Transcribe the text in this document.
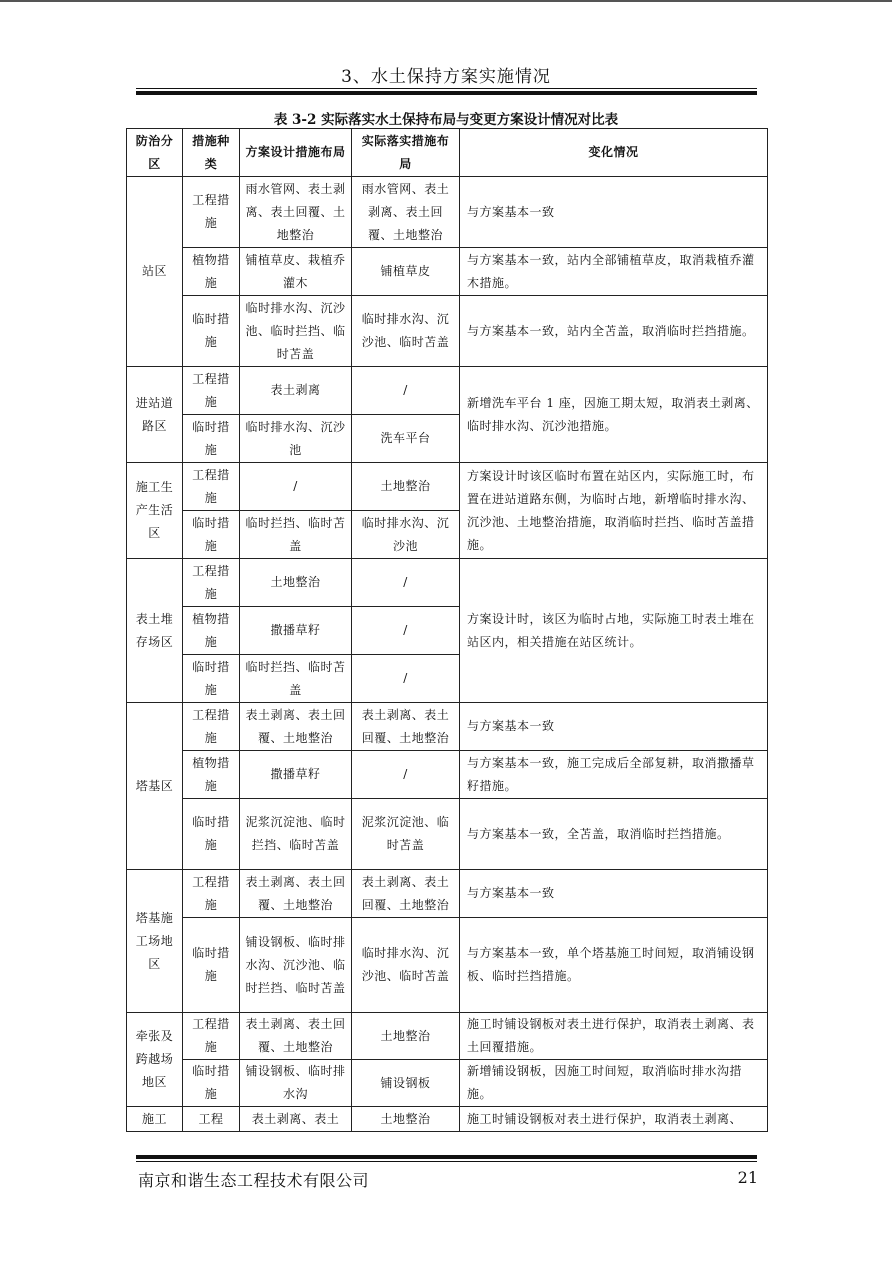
3、水土保持方案实施情况
表 3-2 实际落实水土保持布局与变更方案设计情况对比表
防治分区	措施种类	方案设计措施布局	实际落实措施布局	变化情况
站区	工程措施	雨水管网、表土剥离、表土回覆、土地整治	雨水管网、表土剥离、表土回覆、土地整治	与方案基本一致
	植物措施	铺植草皮、栽植乔灌木	铺植草皮	与方案基本一致，站内全部铺植草皮，取消栽植乔灌木措施。
	临时措施	临时排水沟、沉沙池、临时拦挡、临时苫盖	临时排水沟、沉沙池、临时苫盖	与方案基本一致，站内全苫盖，取消临时拦挡措施。
进站道路区	工程措施	表土剥离	/	新增洗车平台 1 座，因施工期太短，取消表土剥离、临时排水沟、沉沙池措施。
	临时措施	临时排水沟、沉沙池	洗车平台	
施工生产生活区	工程措施	/	土地整治	方案设计时该区临时布置在站区内，实际施工时，布置在进站道路东侧，为临时占地，新增临时排水沟、沉沙池、土地整治措施，取消临时拦挡、临时苫盖措施。
	临时措施	临时拦挡、临时苫盖	临时排水沟、沉沙池	
表土堆存场区	工程措施	土地整治	/	方案设计时，该区为临时占地，实际施工时表土堆在站区内，相关措施在站区统计。
	植物措施	撒播草籽	/	
	临时措施	临时拦挡、临时苫盖	/	
塔基区	工程措施	表土剥离、表土回覆、土地整治	表土剥离、表土回覆、土地整治	与方案基本一致
	植物措施	撒播草籽	/	与方案基本一致，施工完成后全部复耕，取消撒播草籽措施。
	临时措施	泥浆沉淀池、临时拦挡、临时苫盖	泥浆沉淀池、临时苫盖	与方案基本一致，全苫盖，取消临时拦挡措施。
塔基施工场地区	工程措施	表土剥离、表土回覆、土地整治	表土剥离、表土回覆、土地整治	与方案基本一致
	临时措施	铺设钢板、临时排水沟、沉沙池、临时拦挡、临时苫盖	临时排水沟、沉沙池、临时苫盖	与方案基本一致，单个塔基施工时间短，取消铺设钢板、临时拦挡措施。
牵张及跨越场地区	工程措施	表土剥离、表土回覆、土地整治	土地整治	施工时铺设钢板对表土进行保护，取消表土剥离、表土回覆措施。
	临时措施	铺设钢板、临时排水沟	铺设钢板	新增铺设钢板，因施工时间短，取消临时排水沟措施。
施工	工程	表土剥离、表土	土地整治	施工时铺设钢板对表土进行保护，取消表土剥离、
南京和谐生态工程技术有限公司	21
